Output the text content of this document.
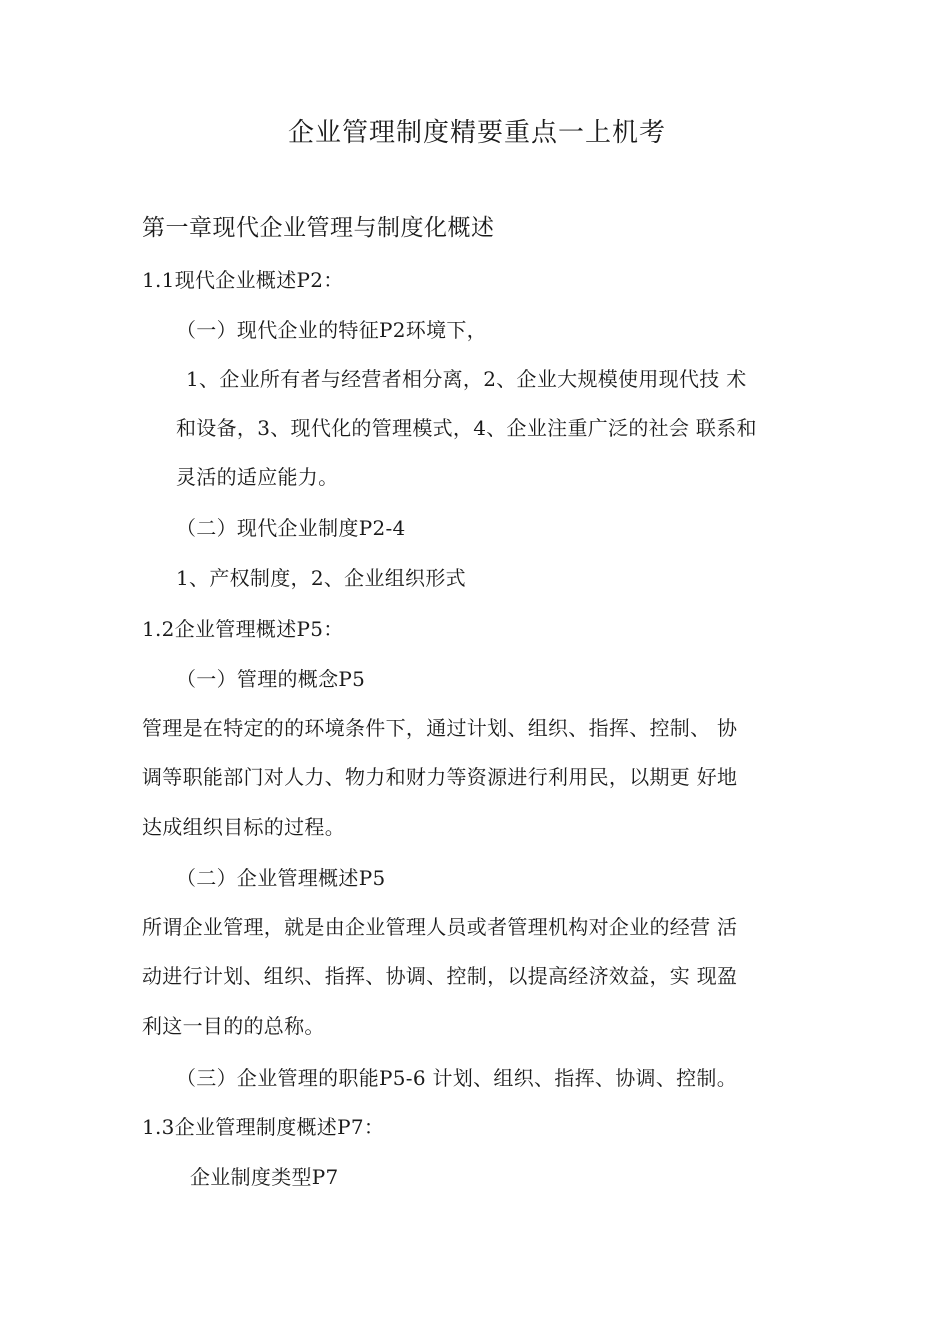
企业管理制度精要重点一上机考
第一章现代企业管理与制度化概述
1.1现代企业概述P2：
（一）现代企业的特征P2环境下，
1、企业所有者与经营者相分离，2、企业大规模使用现代技 术
和设备，3、现代化的管理模式，4、企业注重广泛的社会 联系和
灵活的适应能力。
（二）现代企业制度P2-4
1、产权制度，2、企业组织形式
1.2企业管理概述P5：
（一）管理的概念P5
管理是在特定的的环境条件下，通过计划、组织、指挥、控制、 协
调等职能部门对人力、物力和财力等资源进行利用民，以期更 好地
达成组织目标的过程。
（二）企业管理概述P5
所谓企业管理，就是由企业管理人员或者管理机构对企业的经营 活
动进行计划、组织、指挥、协调、控制，以提高经济效益，实 现盈
利这一目的的总称。
（三）企业管理的职能P5-6 计划、组织、指挥、协调、控制。
1.3企业管理制度概述P7：
企业制度类型P7
